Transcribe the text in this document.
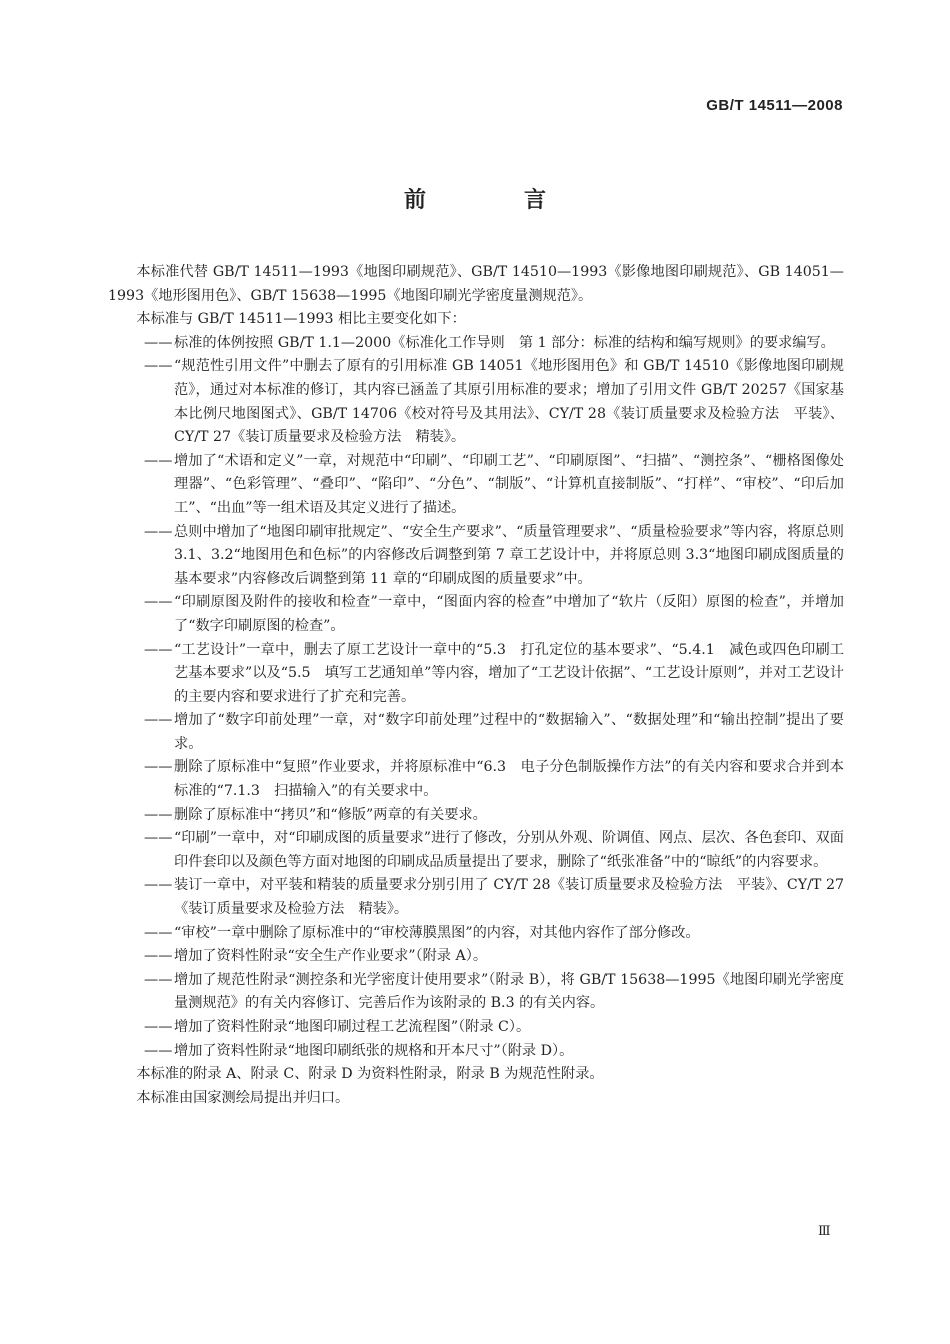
GB/T 14511—2008
前　言

本标准代替 GB/T 14511—1993《地图印刷规范》、GB/T 14510—1993《影像地图印刷规范》、GB 14051—1993《地形图用色》、GB/T 15638—1995《地图印刷光学密度量测规范》。

本标准与 GB/T 14511—1993 相比主要变化如下：

—— 标准的体例按照 GB/T 1.1—2000《标准化工作导则　第 1 部分：标准的结构和编写规则》的要求编写。
—— “规范性引用文件”中删去了原有的引用标准 GB 14051《地形图用色》和 GB/T 14510《影像地图印刷规范》，通过对本标准的修订，其内容已涵盖了其原引用标准的要求；增加了引用文件 GB/T 20257《国家基本比例尺地图图式》、GB/T 14706《校对符号及其用法》、CY/T 28《装订质量要求及检验方法　平装》、CY/T 27《装订质量要求及检验方法　精装》。
—— 增加了“术语和定义”一章，对规范中“印刷”、“印刷工艺”、“印刷原图”、“扫描”、“测控条”、“栅格图像处理器”、“色彩管理”、“叠印”、“陷印”、“分色”、“制版”、“计算机直接制版”、“打样”、“审校”、“印后加工”、“出血”等一组术语及其定义进行了描述。
—— 总则中增加了“地图印刷审批规定”、“安全生产要求”、“质量管理要求”、“质量检验要求”等内容，将原总则 3.1、3.2“地图用色和色标”的内容修改后调整到第 7 章工艺设计中，并将原总则 3.3“地图印刷成图质量的基本要求”内容修改后调整到第 11 章的“印刷成图的质量要求”中。
—— “印刷原图及附件的接收和检查”一章中，“图面内容的检查”中增加了“软片（反阳）原图的检查”，并增加了“数字印刷原图的检查”。
—— “工艺设计”一章中，删去了原工艺设计一章中的“5.3　打孔定位的基本要求”、“5.4.1　减色或四色印刷工艺基本要求”以及“5.5　填写工艺通知单”等内容，增加了“工艺设计依据”、“工艺设计原则”，并对工艺设计的主要内容和要求进行了扩充和完善。
—— 增加了“数字印前处理”一章，对“数字印前处理”过程中的“数据输入”、“数据处理”和“输出控制”提出了要求。
—— 删除了原标准中“复照”作业要求，并将原标准中“6.3　电子分色制版操作方法”的有关内容和要求合并到本标准的“7.1.3　扫描输入”的有关要求中。
—— 删除了原标准中“拷贝”和“修版”两章的有关要求。
—— “印刷”一章中，对“印刷成图的质量要求”进行了修改，分别从外观、阶调值、网点、层次、各色套印、双面印件套印以及颜色等方面对地图的印刷成品质量提出了要求，删除了“纸张准备”中的“晾纸”的内容要求。
—— 装订一章中，对平装和精装的质量要求分别引用了 CY/T 28《装订质量要求及检验方法　平装》、CY/T 27《装订质量要求及检验方法　精装》。
—— “审校”一章中删除了原标准中的“审校薄膜黑图”的内容，对其他内容作了部分修改。
—— 增加了资料性附录“安全生产作业要求”（附录 A）。
—— 增加了规范性附录“测控条和光学密度计使用要求”（附录 B），将 GB/T 15638—1995《地图印刷光学密度量测规范》的有关内容修订、完善后作为该附录的 B.3 的有关内容。
—— 增加了资料性附录“地图印刷过程工艺流程图”（附录 C）。
—— 增加了资料性附录“地图印刷纸张的规格和开本尺寸”（附录 D）。

本标准的附录 A、附录 C、附录 D 为资料性附录，附录 B 为规范性附录。

本标准由国家测绘局提出并归口。

Ⅲ
